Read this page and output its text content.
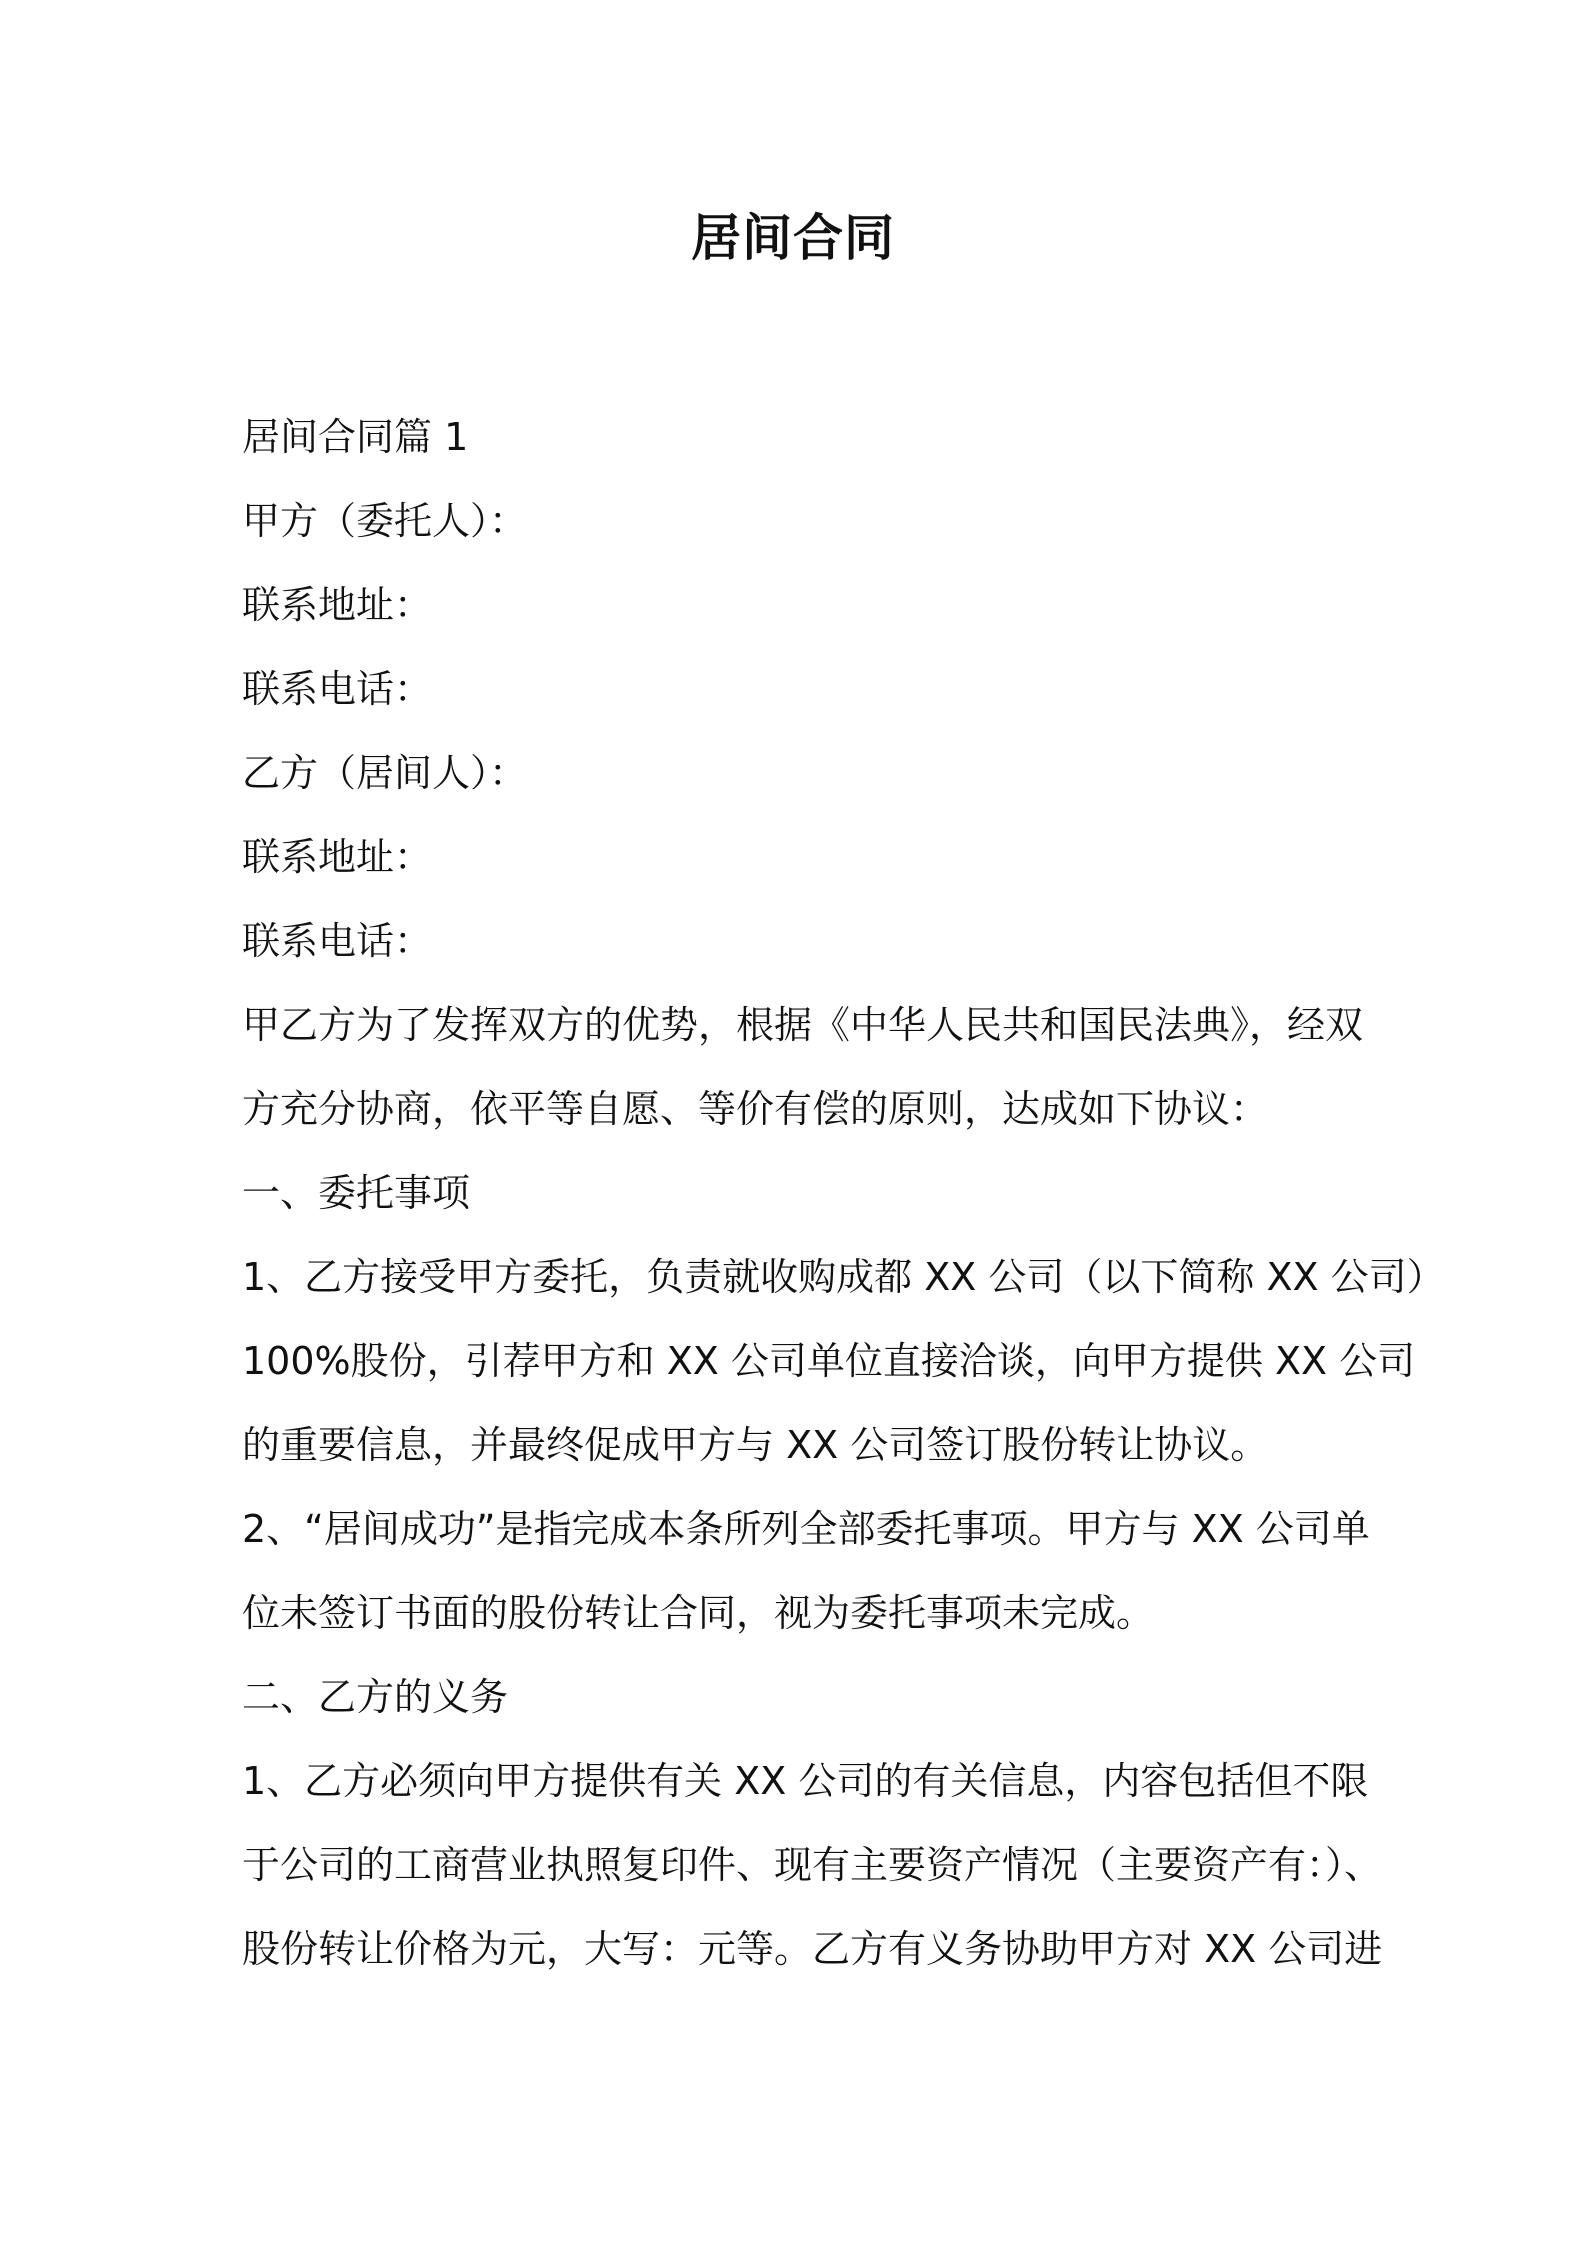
居间合同
居间合同篇 1
甲方（委托人）：
联系地址：
联系电话：
乙方（居间人）：
联系地址：
联系电话：
甲乙方为了发挥双方的优势，根据《中华人民共和国民法典》，经双
方充分协商，依平等自愿、等价有偿的原则，达成如下协议：
一、委托事项
1、乙方接受甲方委托，负责就收购成都 XX 公司（以下简称 XX 公司）
100%股份，引荐甲方和 XX 公司单位直接洽谈，向甲方提供 XX 公司
的重要信息，并最终促成甲方与 XX 公司签订股份转让协议。
2、“居间成功”是指完成本条所列全部委托事项。甲方与 XX 公司单
位未签订书面的股份转让合同，视为委托事项未完成。
二、乙方的义务
1、乙方必须向甲方提供有关 XX 公司的有关信息，内容包括但不限
于公司的工商营业执照复印件、现有主要资产情况（主要资产有：）、
股份转让价格为元，大写：元等。乙方有义务协助甲方对 XX 公司进
